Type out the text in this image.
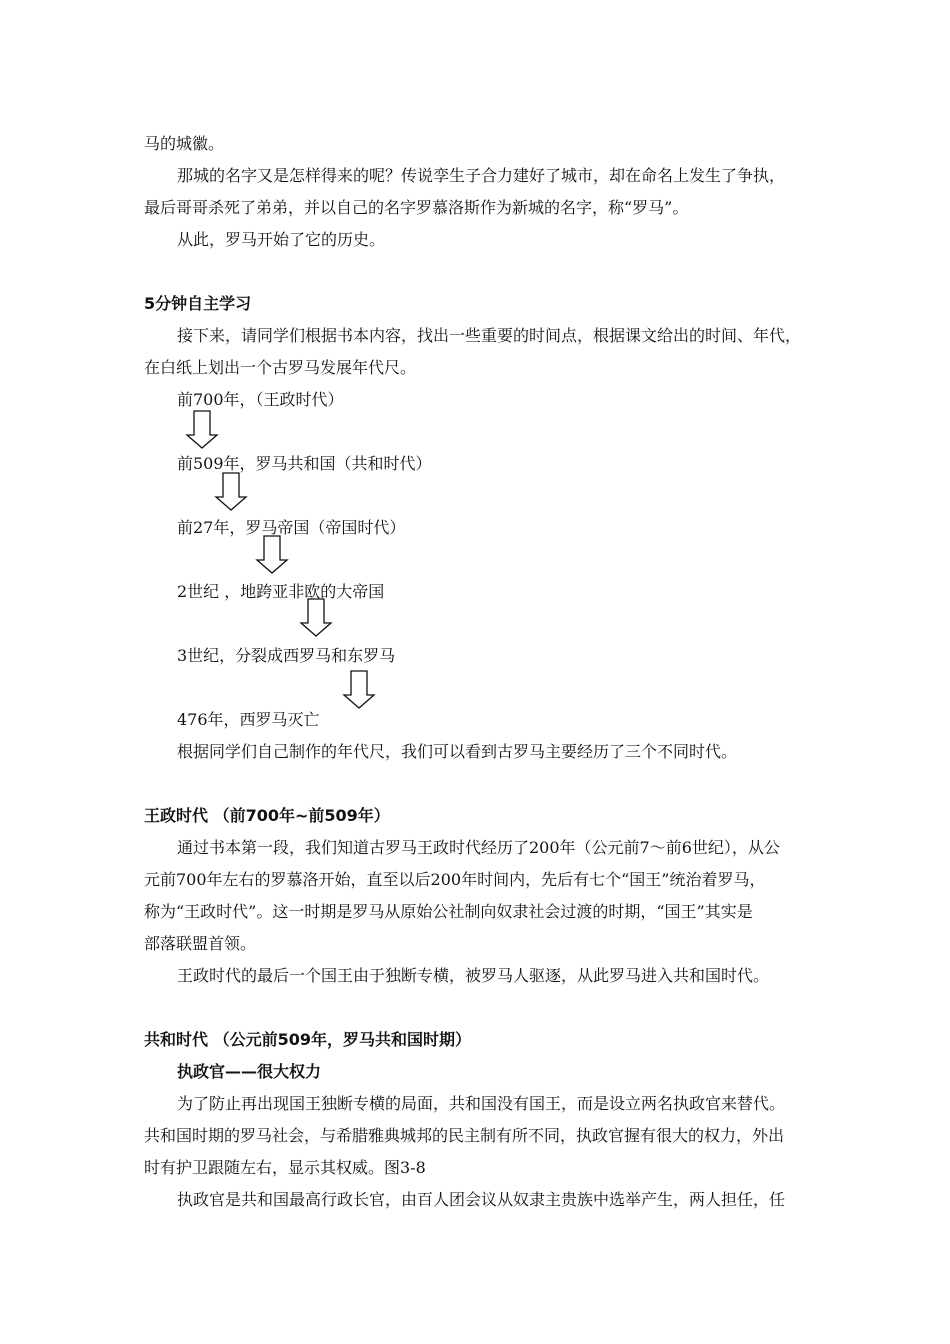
马的城徽。
那城的名字又是怎样得来的呢？传说孪生子合力建好了城市，却在命名上发生了争执，
最后哥哥杀死了弟弟，并以自己的名字罗慕洛斯作为新城的名字，称“罗马”。
从此，罗马开始了它的历史。
5分钟自主学习
接下来，请同学们根据书本内容，找出一些重要的时间点，根据课文给出的时间、年代，
在白纸上划出一个古罗马发展年代尺。
前700年，（王政时代）
前509年，罗马共和国（共和时代）
前27年，罗马帝国（帝国时代）
2世纪 ，地跨亚非欧的大帝国
3世纪，分裂成西罗马和东罗马
476年，西罗马灭亡
根据同学们自己制作的年代尺，我们可以看到古罗马主要经历了三个不同时代。
王政时代 （前700年~前509年）
通过书本第一段，我们知道古罗马王政时代经历了200年（公元前7～前6世纪），从公
元前700年左右的罗慕洛开始，直至以后200年时间内，先后有七个“国王”统治着罗马，
称为“王政时代”。这一时期是罗马从原始公社制向奴隶社会过渡的时期，“国王”其实是
部落联盟首领。
王政时代的最后一个国王由于独断专横，被罗马人驱逐，从此罗马进入共和国时代。
共和时代 （公元前509年，罗马共和国时期）
执政官——很大权力
为了防止再出现国王独断专横的局面，共和国没有国王，而是设立两名执政官来替代。
共和国时期的罗马社会，与希腊雅典城邦的民主制有所不同，执政官握有很大的权力，外出
时有护卫跟随左右，显示其权威。图3-8
执政官是共和国最高行政长官，由百人团会议从奴隶主贵族中选举产生，两人担任，任
